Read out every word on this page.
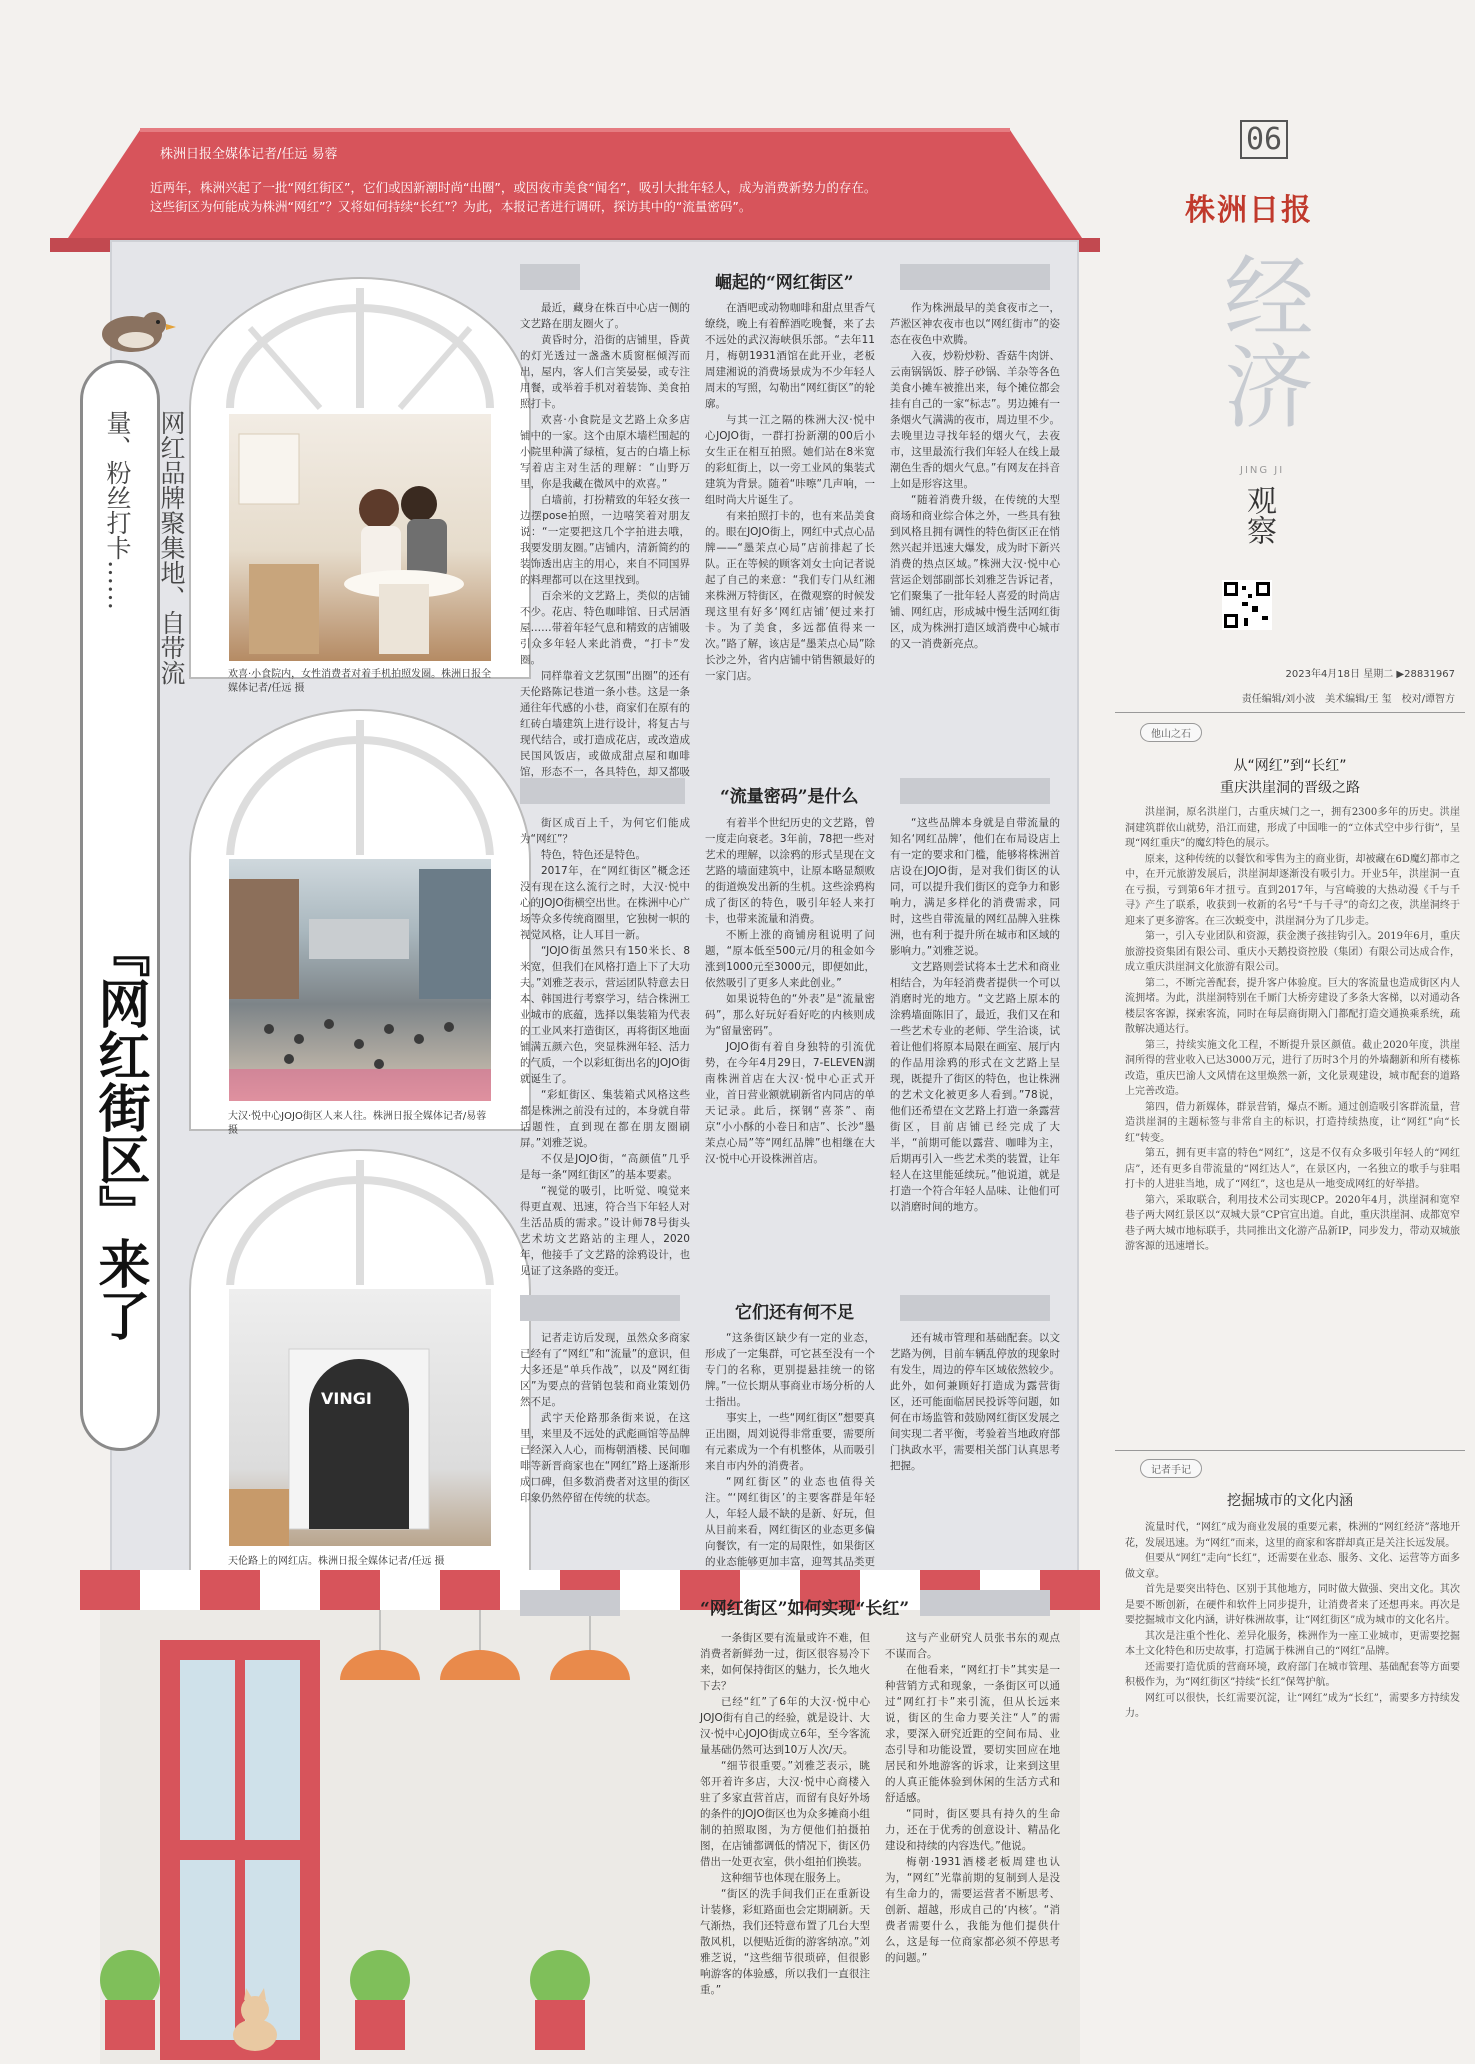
株洲日报全媒体记者/任远 易蓉
近两年，株洲兴起了一批“网红街区”，它们或因新潮时尚“出圈”，或因夜市美食“闻名”，吸引大批年轻人，成为消费新势力的存在。这些街区为何能成为株洲“网红”？又将如何持续“长红”？为此，本报记者进行调研，探访其中的“流量密码”。
网红品牌聚集地、自带流量、粉丝打卡……
『网红街区』来了
欢喜·小食院内，女性消费者对着手机拍照发圈。株洲日报全媒体记者/任远 摄
大汉·悦中心JOJO街区人来人往。株洲日报全媒体记者/易蓉 摄
VINGI
天伦路上的网红店。株洲日报全媒体记者/任远 摄
崛起的“网红街区”

最近，藏身在株百中心店一侧的文艺路在朋友圈火了。

黄昏时分，沿街的店铺里，昏黄的灯光透过一盏盏木质窗框倾泻而出，屋内，客人们言笑晏晏，或专注用餐，或举着手机对着装饰、美食拍照打卡。

欢喜·小食院是文艺路上众多店铺中的一家。这个由原木墙栏围起的小院里种满了绿植，复古的白墙上标写着店主对生活的理解：“山野万里，你是我藏在微风中的欢喜。”

白墙前，打扮精致的年轻女孩一边摆pose拍照，一边嘻笑着对朋友说：“一定要把这几个字拍进去哦，我要发朋友圈。”店铺内，清新简约的装饰透出店主的用心，来自不同国界的料理都可以在这里找到。

百余米的文艺路上，类似的店铺不少。花店、特色咖啡馆、日式居酒屋……带着年轻气息和精致的店铺吸引众多年轻人来此消费，“打卡”发圈。

同样靠着文艺氛围“出圈”的还有天伦路陈记巷道一条小巷。这是一条通往年代感的小巷，商家们在原有的红砖白墙建筑上进行设计，将复古与现代结合，或打造成花店，或改造成民国风饭店，或做成甜点屋和咖啡馆，形态不一，各具特色，却又都吸

在酒吧或动物咖啡和甜点里香气缭绕，晚上有着醉酒吃晚餐，来了去不远处的武汉海峡俱乐部。“去年11月，梅朝1931酒馆在此开业，老板周建湘说的消费场景成为不少年轻人周末的写照，勾勒出“网红街区”的轮廓。

与其一江之隔的株洲大汉·悦中心JOJO街，一群打扮新潮的00后小女生正在相互拍照。她们站在8米宽的彩虹街上，以一旁工业风的集装式建筑为背景。随着“咔嚓”几声响，一组时尚大片诞生了。

有来拍照打卡的，也有来品美食的。眼在JOJO街上，网红中式点心品牌——“墨茉点心局”店前排起了长队。正在等候的顾客刘女士向记者说起了自己的来意：“我们专门从红湘来株洲万特街区，在微观察的时候发现这里有好多‘网红店铺’便过来打卡。为了美食，多远都值得来一次。”路了解，该店是“墨茉点心局”除长沙之外，省内店铺中销售额最好的一家门店。

作为株洲最早的美食夜市之一，芦淞区神农夜市也以“网红街市”的姿态在夜色中欢腾。

入夜，炒粉炒粉、香菇牛肉饼、云南锅锅饭、脖子砂锅、羊杂等各色美食小摊车被推出来，每个摊位都会挂有自己的一家“标志”。男边摊有一条烟火气满满的夜市，周边里不少。去晚里边寻找年轻的烟火气，去夜市，这里最流行我们年轻人在线上最潮色生香的烟火气息。”有网友在抖音上如是形容这里。

“随着消费升级，在传统的大型商场和商业综合体之外，一些具有独到风格且拥有调性的特色街区正在悄然兴起并迅速大爆发，成为时下新兴消费的热点区域。”株洲大汉·悦中心营运企划部副部长刘雅芝告诉记者，它们聚集了一批年轻人喜爱的时尚店铺、网红店，形成城中慢生活网红街区，成为株洲打造区域消费中心城市的又一消费新亮点。

“流量密码”是什么

街区成百上千，为何它们能成为“网红”？

特色，特色还是特色。

2017年，在“网红街区”概念还没有现在这么流行之时，大汉·悦中心的JOJO街横空出世。在株洲中心广场等众多传统商圈里，它独树一帜的视觉风格，让人耳目一新。

“JOJO街虽然只有150米长、8米宽，但我们在风格打造上下了大功夫。”刘雅芝表示，营运团队特意去日本、韩国进行考察学习，结合株洲工业城市的底蕴，选择以集装箱为代表的工业风来打造街区，再将街区地面铺满五颜六色，突显株洲年轻、活力的气质，一个以彩虹街出名的JOJO街就诞生了。

“彩虹街区、集装箱式风格这些都是株洲之前没有过的，本身就自带话题性，直到现在都在朋友圈刷屏。”刘雅芝说。

不仅是JOJO街，“高颜值”几乎是每一条“网红街区”的基本要素。

“视觉的吸引，比听觉、嗅觉来得更直观、迅速，符合当下年轻人对生活品质的需求。”设计师78号街头艺术坊文艺路站的主理人，2020年，他接手了文艺路的涂鸦设计，也见证了这条路的变迁。

有着半个世纪历史的文艺路，曾一度走向衰老。3年前，78把一些对艺术的理解，以涂鸦的形式呈现在文艺路的墙面建筑中，让原本略显颓败的街道焕发出新的生机。这些涂鸦构成了街区的特色，吸引年轻人来打卡，也带来流量和消费。

不断上涨的商铺房租说明了问题，“原本低至500元/月的租金如今涨到1000元至3000元，即便如此，依然吸引了更多人来此创业。”

如果说特色的“外表”是“流量密码”，那么好玩好看好吃的内核则成为“留量密码”。

JOJO街有着自身独特的引流优势，在今年4月29日，7-ELEVEN湖南株洲首店在大汉·悦中心正式开业，首日营业额就刷新省内同店的单天记录。此后，探钢“喜茶”、南京“小小酥的小卷日和店”、长沙“墨茉点心局”等“网红品牌”也相继在大汉·悦中心开设株洲首店。

“这些品牌本身就是自带流量的知名‘网红品牌’，他们在布局设店上有一定的要求和门槛，能够将株洲首店设在JOJO街，是对我们街区的认同，可以提升我们街区的竞争力和影响力，满足多样化的消费需求，同时，这些自带流量的网红品牌入驻株洲，也有利于提升所在城市和区域的影响力。”刘雅芝说。

文艺路则尝试将本土艺术和商业相结合，为年轻消费者提供一个可以消磨时光的地方。“文艺路上原本的涂鸦墙面陈旧了，最近，我们又在和一些艺术专业的老师、学生洽谈，试着让他们将原本局限在画室、展厅内的作品用涂鸦的形式在文艺路上呈现，既提升了街区的特色，也让株洲的艺术文化被更多人看到。”78说，他们还希望在文艺路上打造一条露营街区，目前店铺已经完成了大半，“前期可能以露营、咖啡为主，后期再引入一些艺术类的装置，让年轻人在这里能延续玩。”他说道，就是打造一个符合年轻人品味、让他们可以消磨时间的地方。

它们还有何不足

记者走访后发现，虽然众多商家已经有了“网红”和“流量”的意识，但大多还是“单兵作战”，以及“网红街区”为要点的营销包装和商业策划仍然不足。

武宇天伦路那条街来说，在这里，来里及不远处的武彪画馆等品牌已经深入人心，而梅朝酒楼、民间咖啡等新晋商家也在“网红”路上逐渐形成口碑，但多数消费者对这里的街区印象仍然停留在传统的状态。

“这条街区缺少有一定的业态，形成了一定集群，可它甚至没有一个专门的名称，更别提悬挂统一的铭牌。”一位长期从事商业市场分析的人士指出。

事实上，一些“网红街区”想要真正出圈，周刘说得非常重要，需要所有元素成为一个有机整体，从而吸引来自市内外的消费者。

“网红街区”的业态也值得关注。“‘网红街区’的主要客群是年轻人，年轻人最不缺的是新、好玩，但从目前来看，网红街区的业态更多偏向餐饮，有一定的局限性，如果街区的业态能够更加丰富，迎驾其品类更

还有城市管理和基础配套。以文艺路为例，目前车辆乱停放的现象时有发生，周边的停车区域依然较少。此外，如何兼顾好打造成为露营街区，还可能面临居民投诉等问题，如何在市场监管和鼓励网红街区发展之间实现二者平衡，考验着当地政府部门执政水平，需要相关部门认真思考把握。

“网红街区”如何实现“长红”

一条街区要有流量或许不难，但消费者新鲜劲一过，街区很容易冷下来，如何保持街区的魅力，长久地火下去？

已经“红”了6年的大汉·悦中心JOJO街有自己的经验，就是设计、大汉·悦中心JOJO街成立6年，至今客流量基础仍然可达到10万人次/天。

“细节很重要。”刘雅芝表示，眺邻开着许多店，大汉·悦中心商楼入驻了多家直营首店，而留有良好外场的条件的JOJO街区也为众多摊商小组制的拍照取图，为方便他们拍摄拍图，在店铺都调低的情况下，街区仍借出一处更衣室，供小组拍们换装。

这种细节也体现在服务上。

“街区的洗手间我们正在重新设计装修，彩虹路面也会定期刷新。天气渐热，我们还特意布置了几台大型散风机，以便贴近街的游客纳凉。”刘雅芝说，“这些细节很琐碎，但很影响游客的体验感，所以我们一直很注重。”

这与产业研究人员张书东的观点不谋而合。

在他看来，“网红打卡”其实是一种营销方式和现象，一条街区可以通过“网红打卡”来引流，但从长远来说，街区的生命力要关注“人”的需求，要深入研究近距的空间布局、业态引导和功能设置，要切实回应在地居民和外地游客的诉求，让来到这里的人真正能体验到休闲的生活方式和舒适感。

“同时，街区要具有持久的生命力，还在于优秀的创意设计、精品化建设和持续的内容迭代。”他说。

梅朝·1931酒楼老板周建也认为，“网红”光靠前期的复制到人是没有生命力的，需要运营者不断思考、创新、超越，形成自己的‘内核’。“消费者需要什么，我能为他们提供什么，这是每一位商家都必须不停思考的问题。”

06
株洲日报
经济
JING JI
观察
2023年4月18日 星期二 ▶28831967
责任编辑/刘小波　美术编辑/王 玺　校对/谭智方
他山之石
从“网红”到“长红”
重庆洪崖洞的晋级之路

洪崖洞，原名洪崖门，古重庆城门之一，拥有2300多年的历史。洪崖洞建筑群依山就势，沿江而建，形成了中国唯一的“立体式空中步行街”，呈现“网红重庆”的魔幻特色的展示。

原来，这种传统的以餐饮和零售为主的商业街，却被藏在6D魔幻都市之中，在开元旅游发展后，洪崖洞却逐渐没有吸引力。开业5年，洪崖洞一直在亏损，亏到第6年才扭亏。直到2017年，与宫崎骏的大热动漫《千与千寻》产生了联系，收获到一枚新的名号“千与千寻”的奇幻之夜，洪崖洞终于迎来了更多游客。在三次蜕变中，洪崖洞分为了几步走。

第一，引入专业团队和资源，获金澳子孩挂钩引入。2019年6月，重庆旅游投资集团有限公司、重庆小天鹅投资控股（集团）有限公司达成合作，成立重庆洪崖洞文化旅游有限公司。

第二，不断完善配套，提升客户体验度。巨大的客流量也造成街区内人流拥堵。为此，洪崖洞特别在千厮门大桥旁建设了多条大客梯，以对通动各楼层客客源，探索客流，同时在每层商街期入门都配打造交通换乘系统，疏散解决通达行。

第三，持续实施文化工程，不断提升景区颜值。截止2020年度，洪崖洞所得的营业收入已达3000万元，进行了历时3个月的外墙翻新和所有楼栋改造，重庆巴渝人文风情在这里焕然一新，文化景观建设，城市配套的道路上完善改造。

第四，借力新媒体，群景营销，爆点不断。通过创造吸引客群流量，营造洪崖洞的主题标签与非常自主的标识，打造持续热度，让“网红”向“长红”转变。

第五，拥有更丰富的特色“网红”，这是不仅有众多吸引年轻人的“网红店”，还有更多自带流量的“网红达人”，在景区内，一名独立的歌手与驻唱打卡的人进驻当地，成了“网红”，这也是从一地变成网红的好举措。

第六，采取联合，利用技术公司实现CP。2020年4月，洪崖洞和宽窄巷子两大网红景区以“双城大景”CP官宣出道。自此，重庆洪崖洞、成都宽窄巷子两大城市地标联手，共同推出文化游产品新IP，同步发力，带动双城旅游客源的迅速增长。

记者手记
挖掘城市的文化内涵

流量时代，“网红”成为商业发展的重要元素，株洲的“网红经济”落地开花，发展迅速。为“网红”而来，这里的商家和客群却真正是关注长远发展。

但要从“网红”走向“长红”，还需要在业态、服务、文化、运营等方面多做文章。

首先是要突出特色、区别于其他地方，同时做大做强、突出文化。其次是要不断创新，在硬件和软件上同步提升，让消费者来了还想再来。再次是要挖掘城市文化内涵，讲好株洲故事，让“网红街区”成为城市的文化名片。

其次是注重个性化、差异化服务，株洲作为一座工业城市，更需要挖掘本土文化特色和历史故事，打造属于株洲自己的“网红”品牌。

还需要打造优质的营商环境，政府部门在城市管理、基础配套等方面要积极作为，为“网红街区”持续“长红”保驾护航。

网红可以很快，长红需要沉淀，让“网红”成为“长红”，需要多方持续发力。
